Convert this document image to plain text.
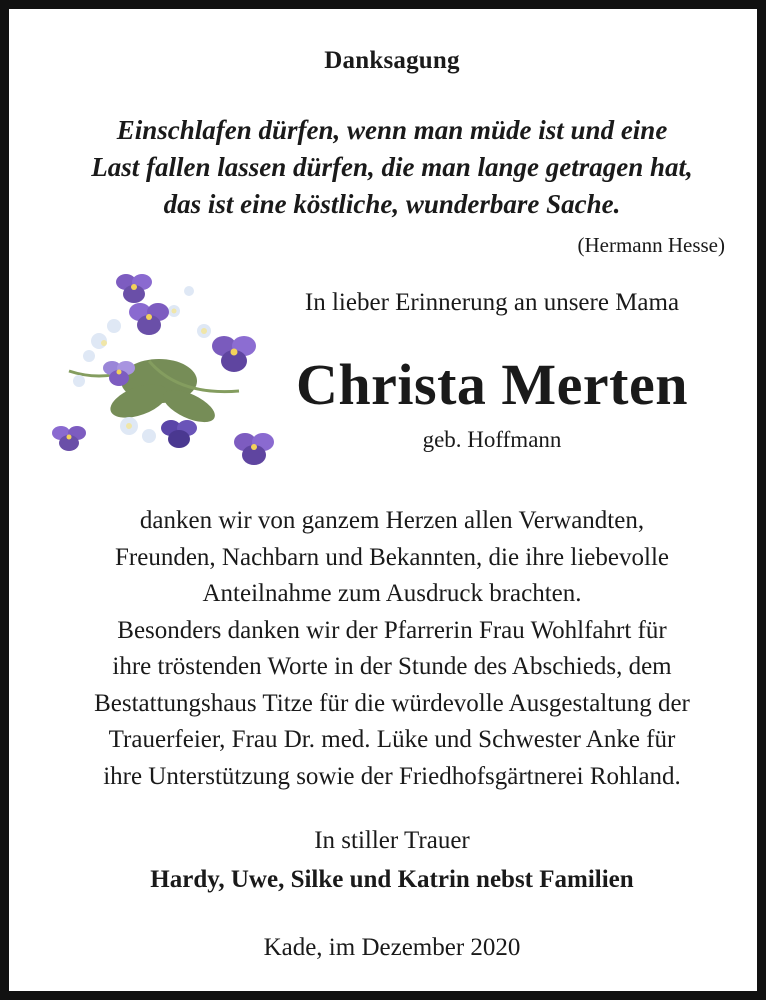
Danksagung
Einschlafen dürfen, wenn man müde ist und eine
Last fallen lassen dürfen, die man lange getragen hat,
das ist eine köstliche, wunderbare Sache.
(Hermann Hesse)
In lieber Erinnerung an unsere Mama
Christa Merten
geb. Hoffmann
danken wir von ganzem Herzen allen Verwandten,
Freunden, Nachbarn und Bekannten, die ihre liebevolle
Anteilnahme zum Ausdruck brachten.
Besonders danken wir der Pfarrerin Frau Wohlfahrt für
ihre tröstenden Worte in der Stunde des Abschieds, dem
Bestattungshaus Titze für die würdevolle Ausgestaltung der
Trauerfeier, Frau Dr. med. Lüke und Schwester Anke für
ihre Unterstützung sowie der Friedhofsgärtnerei Rohland.
In stiller Trauer
Hardy, Uwe, Silke und Katrin nebst Familien
Kade, im Dezember 2020
